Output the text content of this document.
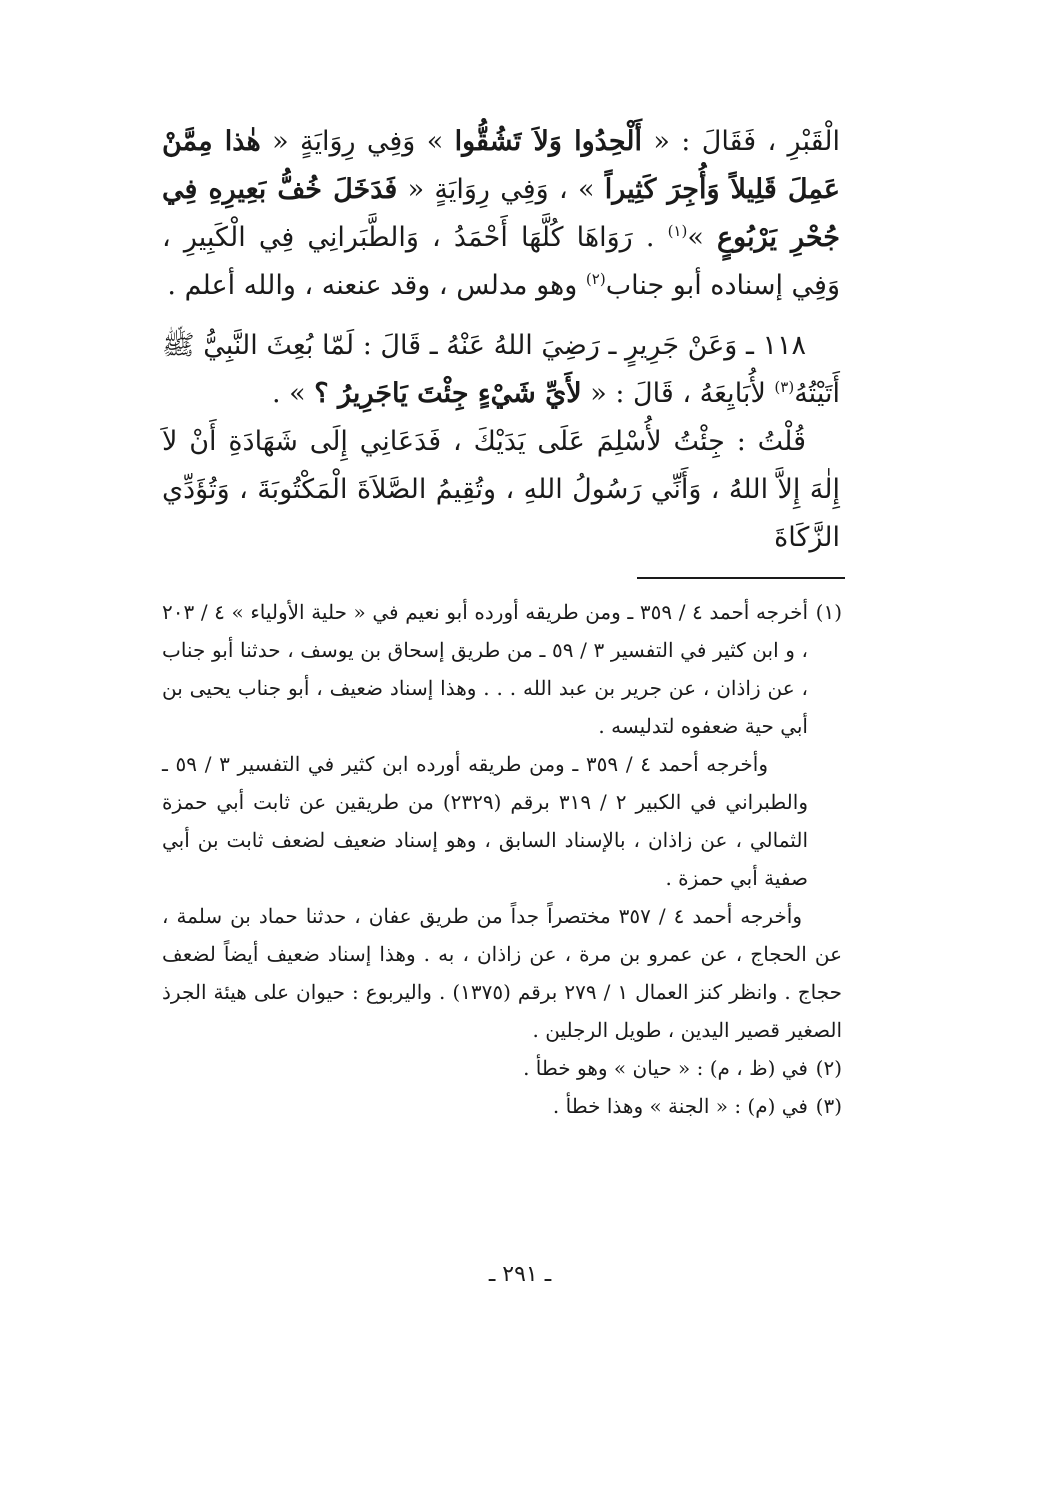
الْقَبْرِ ، فَقَالَ : « أَلْحِدُوا وَلاَ تَشُقُّوا » وَفِي رِوَايَةٍ « هٰذا مِمَّنْ عَمِلَ قَلِيلاً وَأُجِرَ كَثِيراً » ، وَفِي رِوَايَةٍ « فَدَخَلَ خُفُّ بَعِيرِهِ فِي جُحْرِ يَرْبُوعٍ »$^{(١)}$ . رَوَاهَا كُلَّهَا أَحْمَدُ ، وَالطَّبَرانِي فِي الْكَبِيرِ ، وَفِي إسناده أبو جناب$^{(٢)}$ وهو مدلس ، وقد عنعنه ، والله أعلم .

١١٨ ـ وَعَنْ جَرِيرٍ ـ رَضِيَ اللهُ عَنْهُ ـ قَالَ : لَمّا بُعِثَ النَّبِيُّ ﷺ أَتَيْتُهُ$^{(٣)}$ لأُبَايِعَهُ ، قَالَ : « لأَيِّ شَيْءٍ جِئْتَ يَاجَرِيرُ ؟ » .

قُلْتُ : جِئْتُ لأُسْلِمَ عَلَى يَدَيْكَ ، فَدَعَانِي إِلَى شَهَادَةِ أَنْ لاَ إِلٰهَ إِلاَّ اللهُ ، وَأَنِّي رَسُولُ اللهِ ، وتُقِيمُ الصَّلاَةَ الْمَكْتُوبَةَ ، وَتُؤَدِّي الزَّكَاةَ

(١)
أخرجه أحمد ٤ / ٣٥٩ ـ ومن طريقه أورده أبو نعيم في « حلية الأولياء » ٤ / ٢٠٣ ، و ابن كثير في التفسير ٣ / ٥٩ ـ من طريق إسحاق بن يوسف ، حدثنا أبو جناب ، عن زاذان ، عن جرير بن عبد الله . . . وهذا إسناد ضعيف ، أبو جناب يحيى بن أبي حية ضعفوه لتدليسه .

وأخرجه أحمد ٤ / ٣٥٩ ـ ومن طريقه أورده ابن كثير في التفسير ٣ / ٥٩ ـ والطبراني في الكبير ٢ / ٣١٩ برقم (٢٣٢٩) من طريقين عن ثابت أبي حمزة الثمالي ، عن زاذان ، بالإسناد السابق ، وهو إسناد ضعيف لضعف ثابت بن أبي صفية أبي حمزة .

وأخرجه أحمد ٤ / ٣٥٧ مختصراً جداً من طريق عفان ، حدثنا حماد بن سلمة ، عن الحجاج ، عن عمرو بن مرة ، عن زاذان ، به . وهذا إسناد ضعيف أيضاً لضعف حجاج . وانظر كنز العمال ١ / ٢٧٩ برقم (١٣٧٥) . واليربوع : حيوان على هيئة الجرذ الصغير قصير اليدين ، طويل الرجلين .

(٢)
في (ظ ، م) : « حيان » وهو خطأ .
(٣)
في (م) : « الجنة » وهذا خطأ .
ـ ٢٩١ ـ
